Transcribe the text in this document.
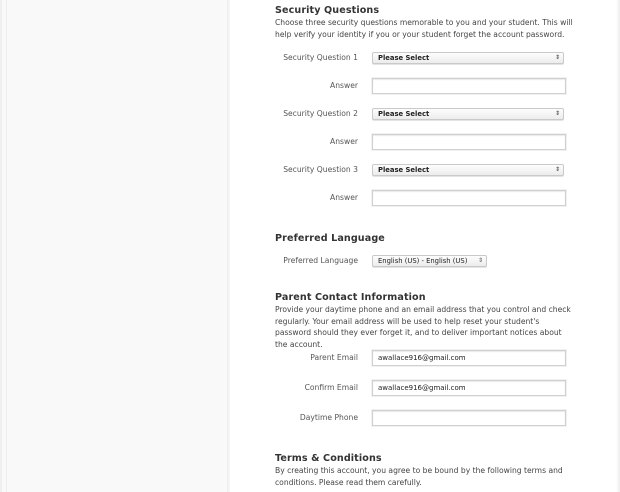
Security Questions
Choose three security questions memorable to you and your student. This will help verify your identity if you or your student forget the account password.
Security Question 1	Please Select	⇕
Answer
Security Question 2	Please Select	⇕
Answer
Security Question 3	Please Select	⇕
Answer
Preferred Language
Preferred Language	English (US) - English (US) ⇕
Parent Contact Information
Provide your daytime phone and an email address that you control and check regularly. Your email address will be used to help reset your student's password should they ever forget it, and to deliver important notices about the account.
Parent Email	awallace916@gmail.com
Confirm Email	awallace916@gmail.com
Daytime Phone
Terms & Conditions
By creating this account, you agree to be bound by the following terms and conditions. Please read them carefully.
